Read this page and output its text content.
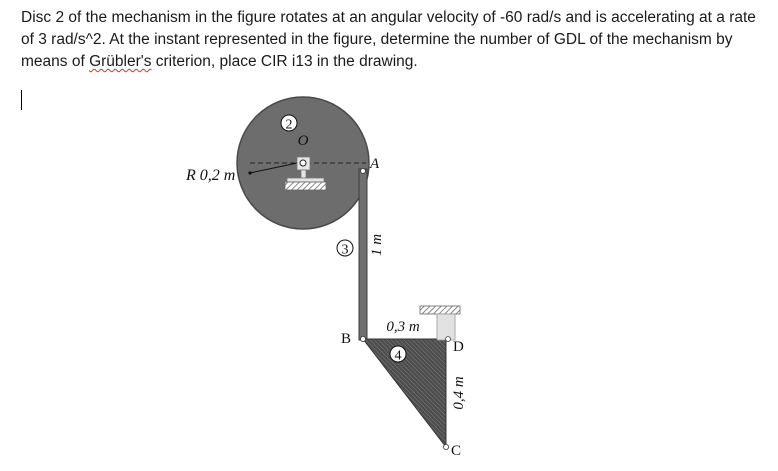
Disc 2 of the mechanism in the figure rotates at an angular velocity of -60 rad/s and is accelerating at a rate of 3 rad/s^2. At the instant represented in the figure, determine the number of GDL of the mechanism by means of Grübler's criterion, place CIR i13 in the drawing.
2
3
4
O
A
B	D
C
R 0,2 m
1 m
0,3 m
0,4 m
